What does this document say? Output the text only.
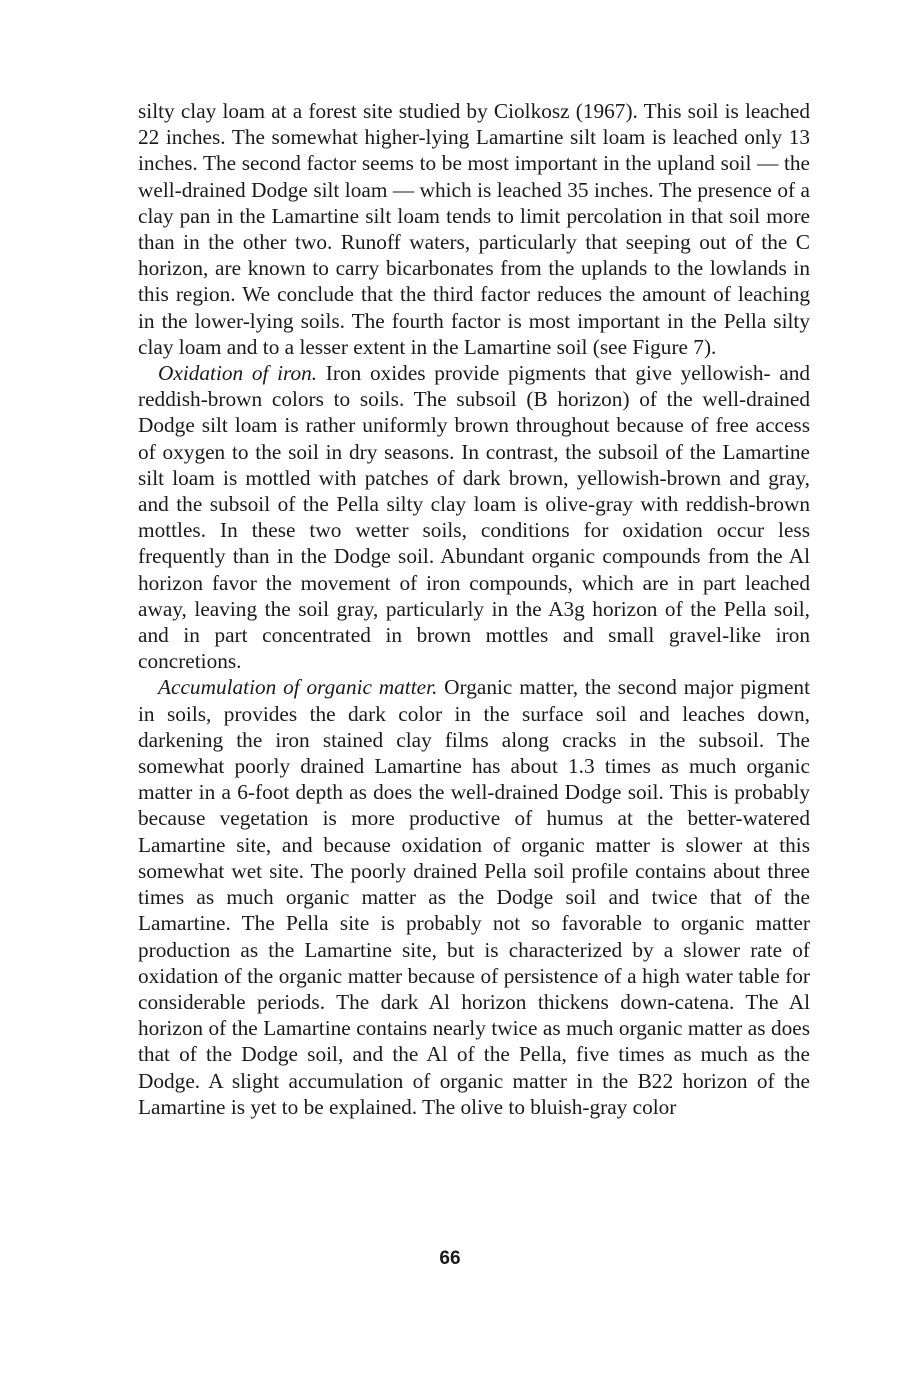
silty clay loam at a forest site studied by Ciolkosz (1967). This soil is leached 22 inches. The somewhat higher-lying Lamartine silt loam is leached only 13 inches. The second factor seems to be most important in the upland soil — the well-drained Dodge silt loam — which is leached 35 inches. The presence of a clay pan in the Lamartine silt loam tends to limit percolation in that soil more than in the other two. Runoff waters, particularly that seeping out of the C horizon, are known to carry bicarbonates from the uplands to the lowlands in this region. We conclude that the third factor reduces the amount of leaching in the lower-lying soils. The fourth factor is most important in the Pella silty clay loam and to a lesser extent in the Lamartine soil (see Figure 7).

Oxidation of iron. Iron oxides provide pigments that give yellowish- and reddish-brown colors to soils. The subsoil (B horizon) of the well-drained Dodge silt loam is rather uniformly brown throughout because of free access of oxygen to the soil in dry seasons. In contrast, the subsoil of the Lamartine silt loam is mottled with patches of dark brown, yellowish-brown and gray, and the subsoil of the Pella silty clay loam is olive-gray with reddish-brown mottles. In these two wetter soils, conditions for oxidation occur less frequently than in the Dodge soil. Abundant organic compounds from the Al horizon favor the movement of iron compounds, which are in part leached away, leaving the soil gray, particularly in the A3g horizon of the Pella soil, and in part concentrated in brown mottles and small gravel-like iron concretions.

Accumulation of organic matter. Organic matter, the second major pigment in soils, provides the dark color in the surface soil and leaches down, darkening the iron stained clay films along cracks in the subsoil. The somewhat poorly drained Lamartine has about 1.3 times as much organic matter in a 6-foot depth as does the well-drained Dodge soil. This is probably because vegetation is more productive of humus at the better-watered Lamartine site, and because oxidation of organic matter is slower at this somewhat wet site. The poorly drained Pella soil profile contains about three times as much organic matter as the Dodge soil and twice that of the Lamartine. The Pella site is probably not so favorable to organic matter production as the Lamartine site, but is characterized by a slower rate of oxidation of the organic matter because of persistence of a high water table for considerable periods. The dark Al horizon thickens down-catena. The Al horizon of the Lamartine contains nearly twice as much organic matter as does that of the Dodge soil, and the Al of the Pella, five times as much as the Dodge. A slight accumulation of organic matter in the B22 horizon of the Lamartine is yet to be explained. The olive to bluish-gray color

66
